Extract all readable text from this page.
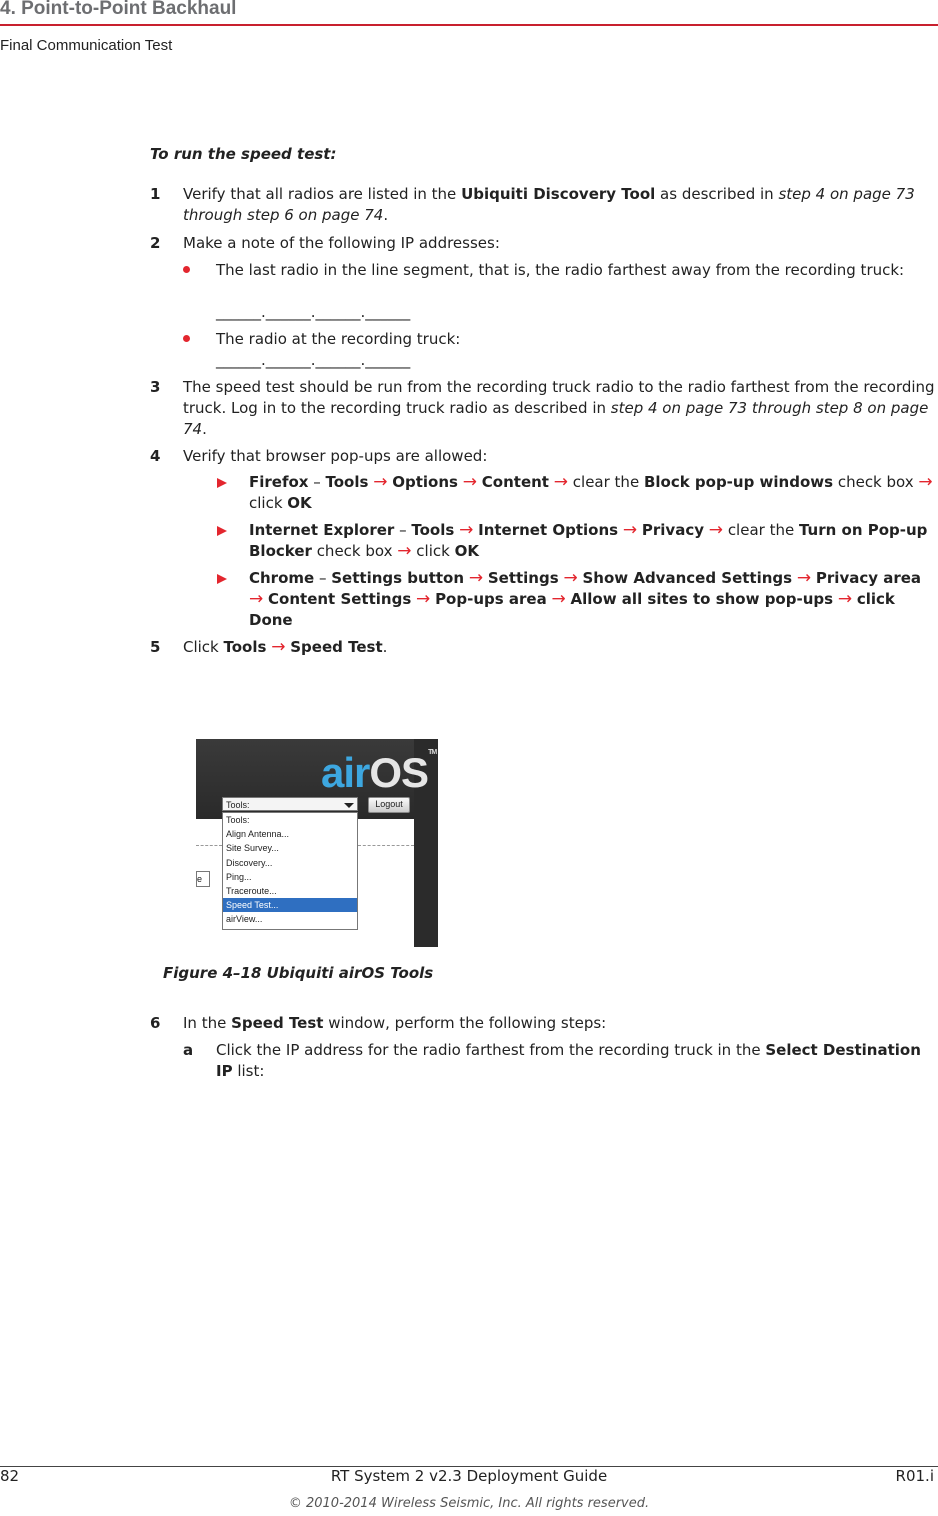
4. Point-to-Point Backhaul
Final Communication Test
To run the speed test:
1 Verify that all radios are listed in the Ubiquiti Discovery Tool as described in step 4 on page 73 through step 6 on page 74.
2 Make a note of the following IP addresses:
The last radio in the line segment, that is, the radio farthest away from the recording truck:
______.______.______.______
The radio at the recording truck:
______.______.______.______
3 The speed test should be run from the recording truck radio to the radio farthest from the recording truck. Log in to the recording truck radio as described in step 4 on page 73 through step 8 on page 74.
4 Verify that browser pop-ups are allowed:
Firefox – Tools → Options → Content → clear the Block pop-up windows check box → click OK
Internet Explorer – Tools → Internet Options → Privacy → clear the Turn on Pop-up Blocker check box → click OK
Chrome – Settings button → Settings → Show Advanced Settings → Privacy area → Content Settings → Pop-ups area → Allow all sites to show pop-ups → click Done
5 Click Tools → Speed Test.
6 In the Speed Test window, perform the following steps:
a Click the IP address for the radio farthest from the recording truck in the Select Destination IP list:
airOS™
Tools:	Logout
e
Tools:
Align Antenna...
Site Survey...
Discovery...
Ping...
Traceroute...
Speed Test...
airView...
Figure 4–18 Ubiquiti airOS Tools
82	RT System 2 v2.3 Deployment Guide	R01.i
© 2010-2014 Wireless Seismic, Inc. All rights reserved.
